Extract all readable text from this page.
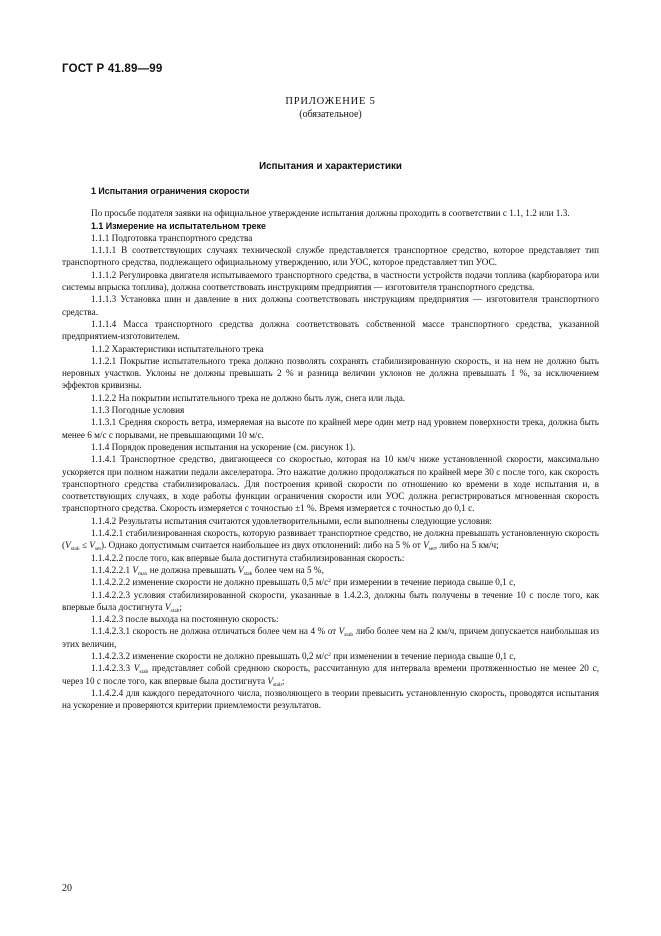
ГОСТ Р 41.89—99
ПРИЛОЖЕНИЕ 5
(обязательное)
Испытания и характеристики

1 Испытания ограничения скорости

По просьбе подателя заявки на официальное утверждение испытания должны проходить в соответствии с 1.1, 1.2 или 1.3.

1.1 Измерение на испытательном треке

1.1.1 Подготовка транспортного средства

1.1.1.1 В соответствующих случаях технической службе представляется транспортное средство, которое представляет тип транспортного средства, подлежащего официальному утверждению, или УОС, которое представляет тип УОС.

1.1.1.2 Регулировка двигателя испытываемого транспортного средства, в частности устройств подачи топлива (карбюратора или системы впрыска топлива), должна соответствовать инструкциям предприятия — изготовителя транспортного средства.

1.1.1.3 Установка шин и давление в них должны соответствовать инструкциям предприятия — изготовителя транспортного средства.

1.1.1.4 Масса транспортного средства должна соответствовать собственной массе транспортного средства, указанной предприятием-изготовителем.

1.1.2 Характеристики испытательного трека

1.1.2.1 Покрытие испытательного трека должно позволять сохранять стабилизированную скорость, и на нем не должно быть неровных участков. Уклоны не должны превышать 2 % и разница величин уклонов не должна превышать 1 %, за исключением эффектов кривизны.

1.1.2.2 На покрытии испытательного трека не должно быть луж, снега или льда.

1.1.3 Погодные условия

1.1.3.1 Средняя скорость ветра, измеряемая на высоте по крайней мере один метр над уровнем поверхности трека, должна быть менее 6 м/с с порывами, не превышающими 10 м/с.

1.1.4 Порядок проведения испытания на ускорение (см. рисунок 1).

1.1.4.1 Транспортное средство, двигающееся со скоростью, которая на 10 км/ч ниже установленной скорости, максимально ускоряется при полном нажатии педали акселератора. Это нажатие должно продолжаться по крайней мере 30 с после того, как скорость транспортного средства стабилизировалась. Для построения кривой скорости по отношению ко времени в ходе испытания и, в соответствующих случаях, в ходе работы функции ограничения скорости или УОС должна регистрироваться мгновенная скорость транспортного средства. Скорость измеряется с точностью ±1 %. Время измеряется с точностью до 0,1 с.

1.1.4.2 Результаты испытания считаются удовлетворительными, если выполнены следующие условия:

1.1.4.2.1 стабилизированная скорость, которую развивает транспортное средство, не должна превышать установленную скорость $(V_{stab} \le V_{set})$. Однако допустимым считается наибольшее из двух отклонений: либо на 5 % от $V_{set}$, либо на 5 км/ч;

1.1.4.2.2 после того, как впервые была достигнута стабилизированная скорость:

1.1.4.2.2.1 $V_{max}$ не должна превышать $V_{stab}$ более чем на 5 %,

1.1.4.2.2.2 изменение скорости не должно превышать 0,5 $м/с^2$ при измерении в течение периода свыше 0,1 с,

1.1.4.2.2.3 условия стабилизированной скорости, указанные в 1.4.2.3, должны быть получены в течение 10 с после того, как впервые была достигнута $V_{stab}$;

1.1.4.2.3 после выхода на постоянную скорость:

1.1.4.2.3.1 скорость не должна отличаться более чем на 4 % от $V_{stab}$ либо более чем на 2 км/ч, причем допускается наибольшая из этих величин,

1.1.4.2.3.2 изменение скорости не должно превышать 0,2 $м/с^2$ при изменении в течение периода свыше 0,1 с,

1.1.4.2.3.3 $V_{stab}$ представляет собой среднюю скорость, рассчитанную для интервала времени протяженностью не менее 20 с, через 10 с после того, как впервые была достигнута $V_{stab}$;

1.1.4.2.4 для каждого передаточного числа, позволяющего в теории превысить установленную скорость, проводятся испытания на ускорение и проверяются критерии приемлемости результатов.

20
